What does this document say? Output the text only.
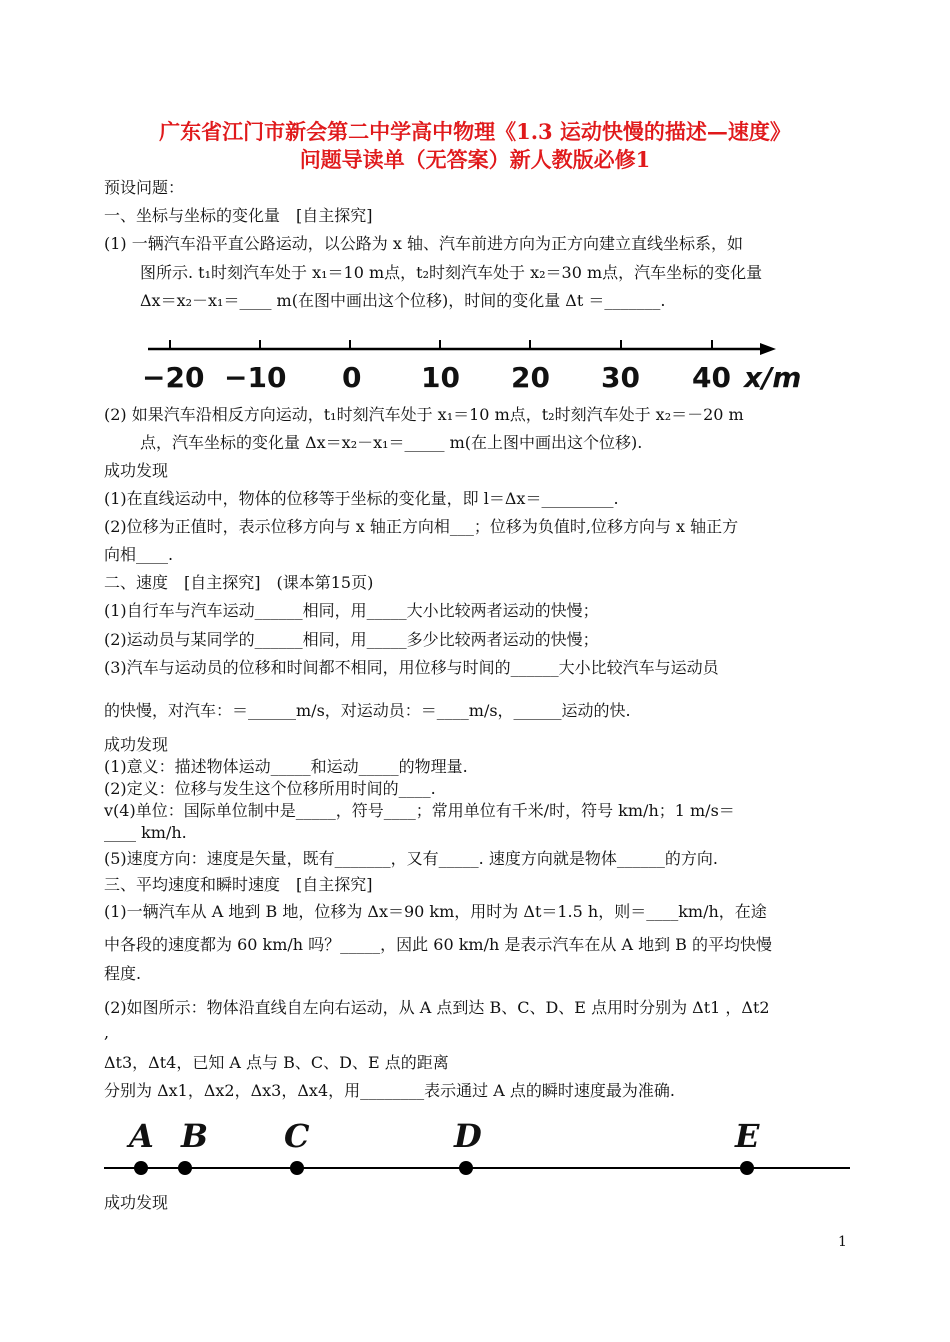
广东省江门市新会第二中学高中物理《1.3 运动快慢的描述—速度》
问题导读单（无答案）新人教版必修1
预设问题：
一、坐标与坐标的变化量　[自主探究]
(1) 一辆汽车沿平直公路运动，以公路为 x 轴、汽车前进方向为正方向建立直线坐标系，如
图所示. t₁时刻汽车处于 x₁＝10 m点，t₂时刻汽车处于 x₂＝30 m点，汽车坐标的变化量
Δx＝x₂－x₁＝____ m(在图中画出这个位移)，时间的变化量 Δt ＝_______.
−20 −10 0 10 20 30 40 x/m
(2) 如果汽车沿相反方向运动，t₁时刻汽车处于 x₁＝10 m点，t₂时刻汽车处于 x₂＝－20 m
点，汽车坐标的变化量 Δx＝x₂－x₁＝_____ m(在上图中画出这个位移).
成功发现
(1)在直线运动中，物体的位移等于坐标的变化量，即 l＝Δx＝_________.
(2)位移为正值时，表示位移方向与 x 轴正方向相___；位移为负值时,位移方向与 x 轴正方
向相____.
二、速度　[自主探究]　(课本第15页)
(1)自行车与汽车运动______相同，用_____大小比较两者运动的快慢；
(2)运动员与某同学的______相同，用_____多少比较两者运动的快慢；
(3)汽车与运动员的位移和时间都不相同，用位移与时间的______大小比较汽车与运动员
的快慢，对汽车：＝______m/s，对运动员：＝____m/s，______运动的快.
成功发现
(1)意义：描述物体运动_____和运动_____的物理量.
(2)定义：位移与发生这个位移所用时间的____.
v(4)单位：国际单位制中是_____，符号____；常用单位有千米/时，符号 km/h；1 m/s＝
____ km/h.
(5)速度方向：速度是矢量，既有_______，又有_____. 速度方向就是物体______的方向.
三、平均速度和瞬时速度　[自主探究]
(1)一辆汽车从 A 地到 B 地，位移为 Δx＝90 km，用时为 Δt＝1.5 h，则＝____km/h，在途
中各段的速度都为 60 km/h 吗？_____，因此 60 km/h 是表示汽车在从 A 地到 B 的平均快慢
程度.
(2)如图所示：物体沿直线自左向右运动，从 A 点到达 B、C、D、E 点用时分别为 Δt1 ，Δt2
,
Δt3，Δt4，已知 A 点与 B、C、D、E 点的距离
分别为 Δx1，Δx2，Δx3，Δx4，用________表示通过 A 点的瞬时速度最为准确.
A B C	D	E
成功发现
1
